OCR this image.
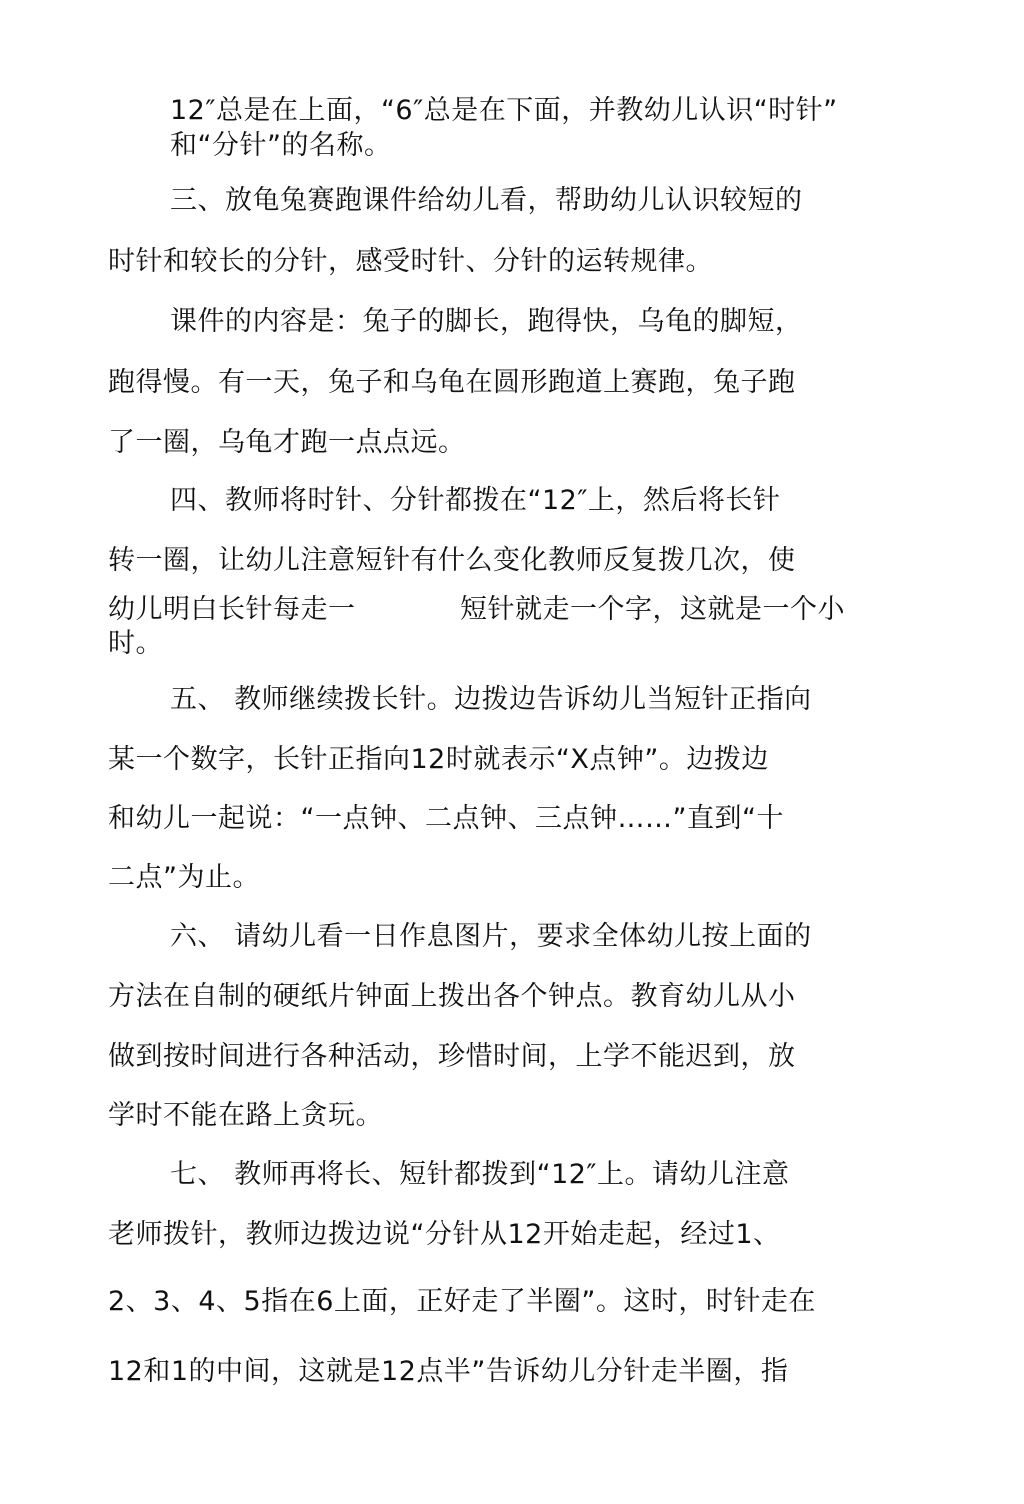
12″总是在上面，“6″总是在下面，并教幼儿认识“时针”
和“分针”的名称。
三、放龟兔赛跑课件给幼儿看，帮助幼儿认识较短的
时针和较长的分针，感受时针、分针的运转规律。
课件的内容是：兔子的脚长，跑得快，乌龟的脚短，
跑得慢。有一天，兔子和乌龟在圆形跑道上赛跑，兔子跑
了一圈，乌龟才跑一点点远。
四、教师将时针、分针都拨在“12″上，然后将长针
转一圈，让幼儿注意短针有什么变化教师反复拨几次，使
幼儿明白长针每走一	短针就走一个字，这就是一个小
时。
五、 教师继续拨长针。边拨边告诉幼儿当短针正指向
某一个数字，长针正指向12时就表示“X点钟”。边拨边
和幼儿一起说：“一点钟、二点钟、三点钟……”直到“十
二点”为止。
六、 请幼儿看一日作息图片，要求全体幼儿按上面的
方法在自制的硬纸片钟面上拨出各个钟点。教育幼儿从小
做到按时间进行各种活动，珍惜时间，上学不能迟到，放
学时不能在路上贪玩。
七、 教师再将长、短针都拨到“12″上。请幼儿注意
老师拨针，教师边拨边说“分针从12开始走起，经过1、
2、3、4、5指在6上面，正好走了半圈”。这时，时针走在
12和1的中间，这就是12点半”告诉幼儿分针走半圈，指
